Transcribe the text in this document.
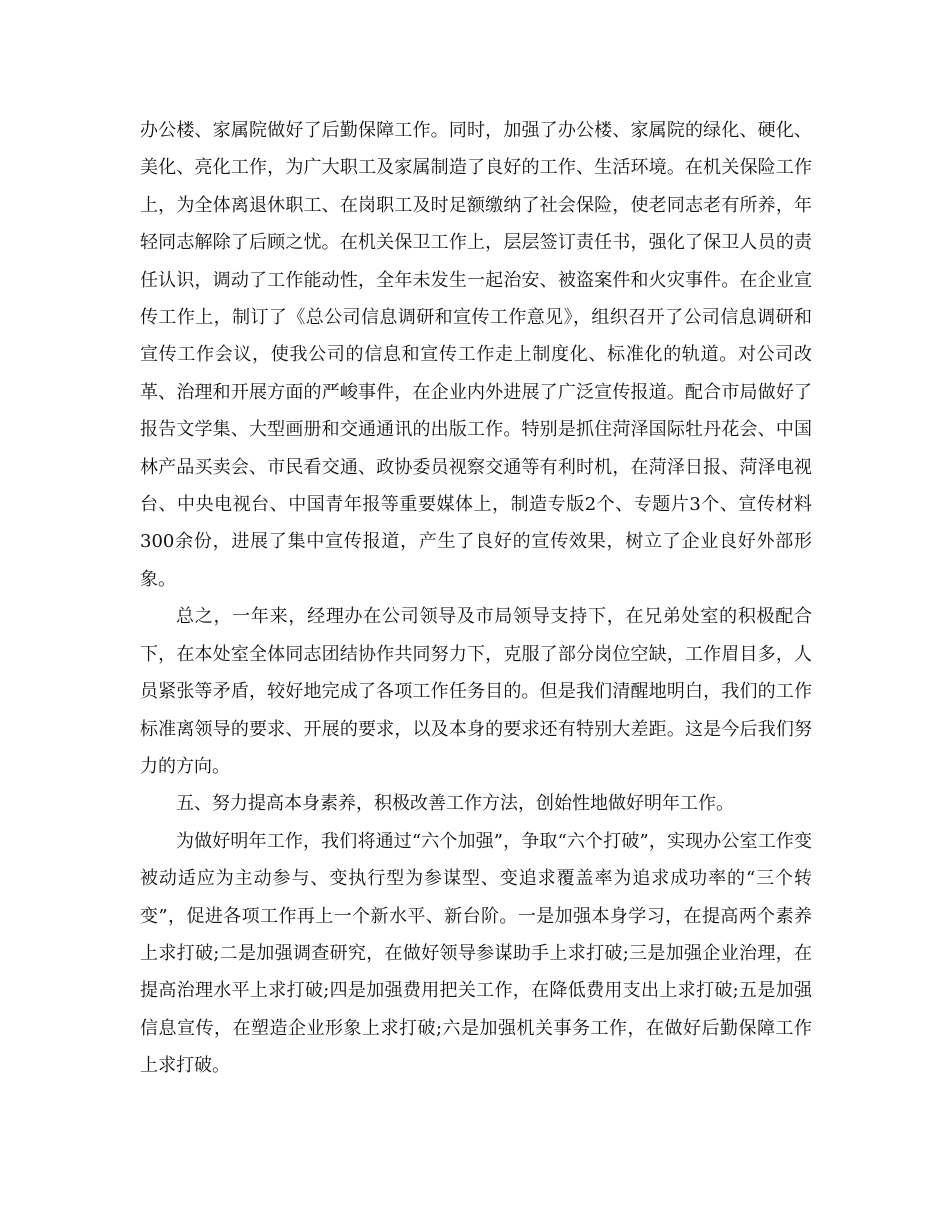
办公楼、家属院做好了后勤保障工作。同时，加强了办公楼、家属院的绿化、硬化、美化、亮化工作，为广大职工及家属制造了良好的工作、生活环境。在机关保险工作上，为全体离退休职工、在岗职工及时足额缴纳了社会保险，使老同志老有所养，年轻同志解除了后顾之忧。在机关保卫工作上，层层签订责任书，强化了保卫人员的责任认识，调动了工作能动性，全年未发生一起治安、被盗案件和火灾事件。在企业宣传工作上，制订了《总公司信息调研和宣传工作意见》，组织召开了公司信息调研和宣传工作会议，使我公司的信息和宣传工作走上制度化、标准化的轨道。对公司改革、治理和开展方面的严峻事件，在企业内外进展了广泛宣传报道。配合市局做好了报告文学集、大型画册和交通通讯的出版工作。特别是抓住菏泽国际牡丹花会、中国林产品买卖会、市民看交通、政协委员视察交通等有利时机，在菏泽日报、菏泽电视台、中央电视台、中国青年报等重要媒体上，制造专版2个、专题片3个、宣传材料300余份，进展了集中宣传报道，产生了良好的宣传效果，树立了企业良好外部形象。

总之，一年来，经理办在公司领导及市局领导支持下，在兄弟处室的积极配合下，在本处室全体同志团结协作共同努力下，克服了部分岗位空缺，工作眉目多，人员紧张等矛盾，较好地完成了各项工作任务目的。但是我们清醒地明白，我们的工作标准离领导的要求、开展的要求，以及本身的要求还有特别大差距。这是今后我们努力的方向。

五、努力提高本身素养，积极改善工作方法，创始性地做好明年工作。

为做好明年工作，我们将通过“六个加强”，争取“六个打破”，实现办公室工作变被动适应为主动参与、变执行型为参谋型、变追求覆盖率为追求成功率的“三个转变”，促进各项工作再上一个新水平、新台阶。一是加强本身学习，在提高两个素养上求打破;二是加强调查研究，在做好领导参谋助手上求打破;三是加强企业治理，在提高治理水平上求打破;四是加强费用把关工作，在降低费用支出上求打破;五是加强信息宣传，在塑造企业形象上求打破;六是加强机关事务工作，在做好后勤保障工作上求打破。
